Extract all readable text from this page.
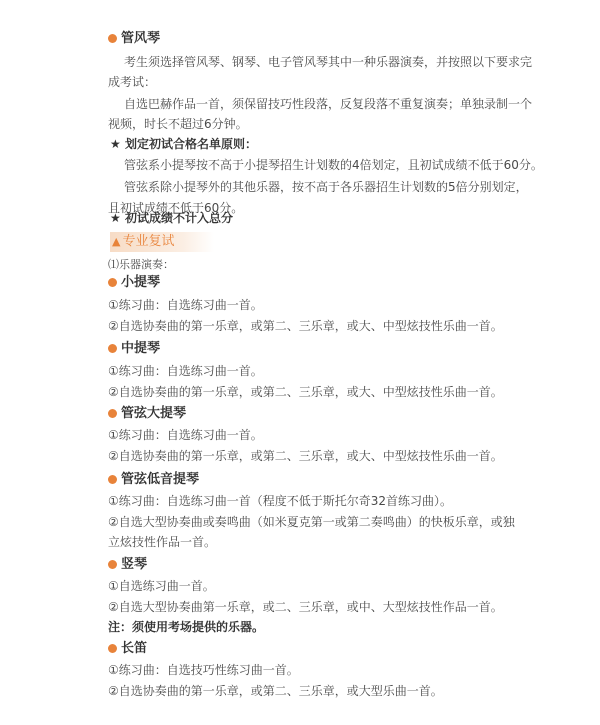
管风琴
考生须选择管风琴、钢琴、电子管风琴其中一种乐器演奏，并按照以下要求完
成考试：
自选巴赫作品一首，须保留技巧性段落，反复段落不重复演奏；单独录制一个
视频，时长不超过6分钟。
★ 划定初试合格名单原则：
管弦系小提琴按不高于小提琴招生计划数的4倍划定，且初试成绩不低于60分。
管弦系除小提琴外的其他乐器，按不高于各乐器招生计划数的5倍分别划定，
且初试成绩不低于60分。
★ 初试成绩不计入总分
▲ 专业复试
⑴乐器演奏：
小提琴
①练习曲：自选练习曲一首。
②自选协奏曲的第一乐章，或第二、三乐章，或大、中型炫技性乐曲一首。
中提琴
①练习曲：自选练习曲一首。
②自选协奏曲的第一乐章，或第二、三乐章，或大、中型炫技性乐曲一首。
管弦大提琴
①练习曲：自选练习曲一首。
②自选协奏曲的第一乐章，或第二、三乐章，或大、中型炫技性乐曲一首。
管弦低音提琴
①练习曲：自选练习曲一首（程度不低于斯托尔奇32首练习曲）。
②自选大型协奏曲或奏鸣曲（如米夏克第一或第二奏鸣曲）的快板乐章，或独
立炫技性作品一首。
竖琴
①自选练习曲一首。
②自选大型协奏曲第一乐章，或二、三乐章，或中、大型炫技性作品一首。
注：须使用考场提供的乐器。
长笛
①练习曲：自选技巧性练习曲一首。
②自选协奏曲的第一乐章，或第二、三乐章，或大型乐曲一首。
